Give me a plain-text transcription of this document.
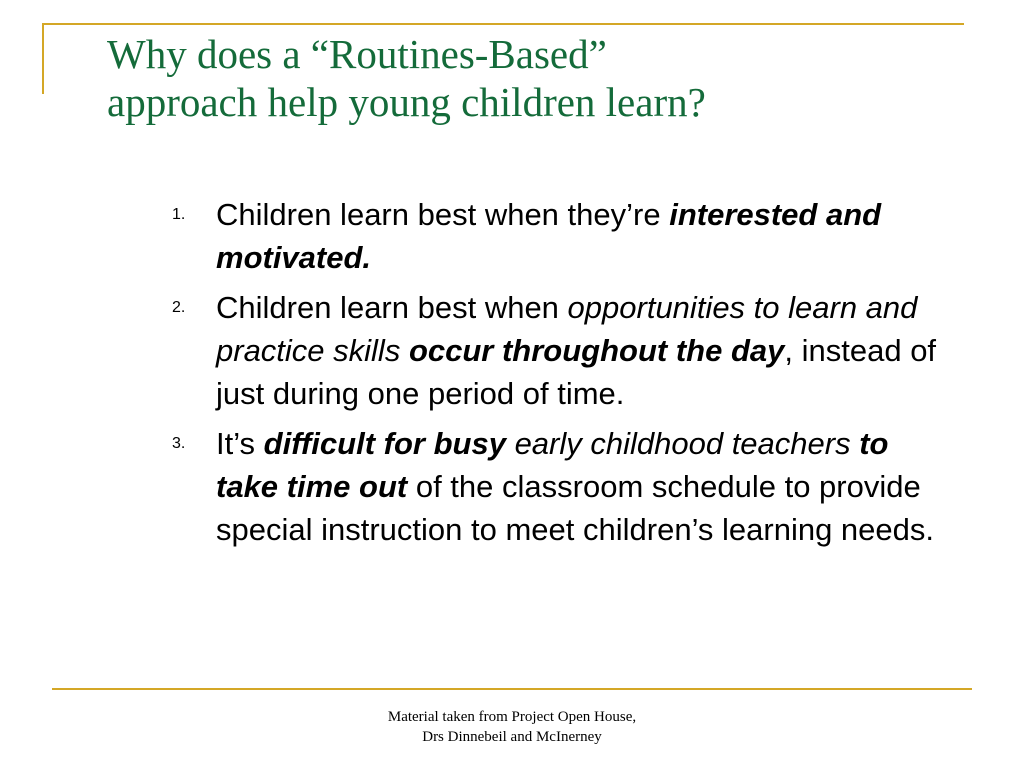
Why does a “Routines-Based”
approach help young children learn?
1. Children learn best when they’re interested and motivated.
2. Children learn best when opportunities to learn and practice skills occur throughout the day, instead of just during one period of time.
3. It’s difficult for busy early childhood teachers to take time out of the classroom schedule to provide special instruction to meet children’s learning needs.
Material taken from Project Open House,
Drs Dinnebeil and McInerney
